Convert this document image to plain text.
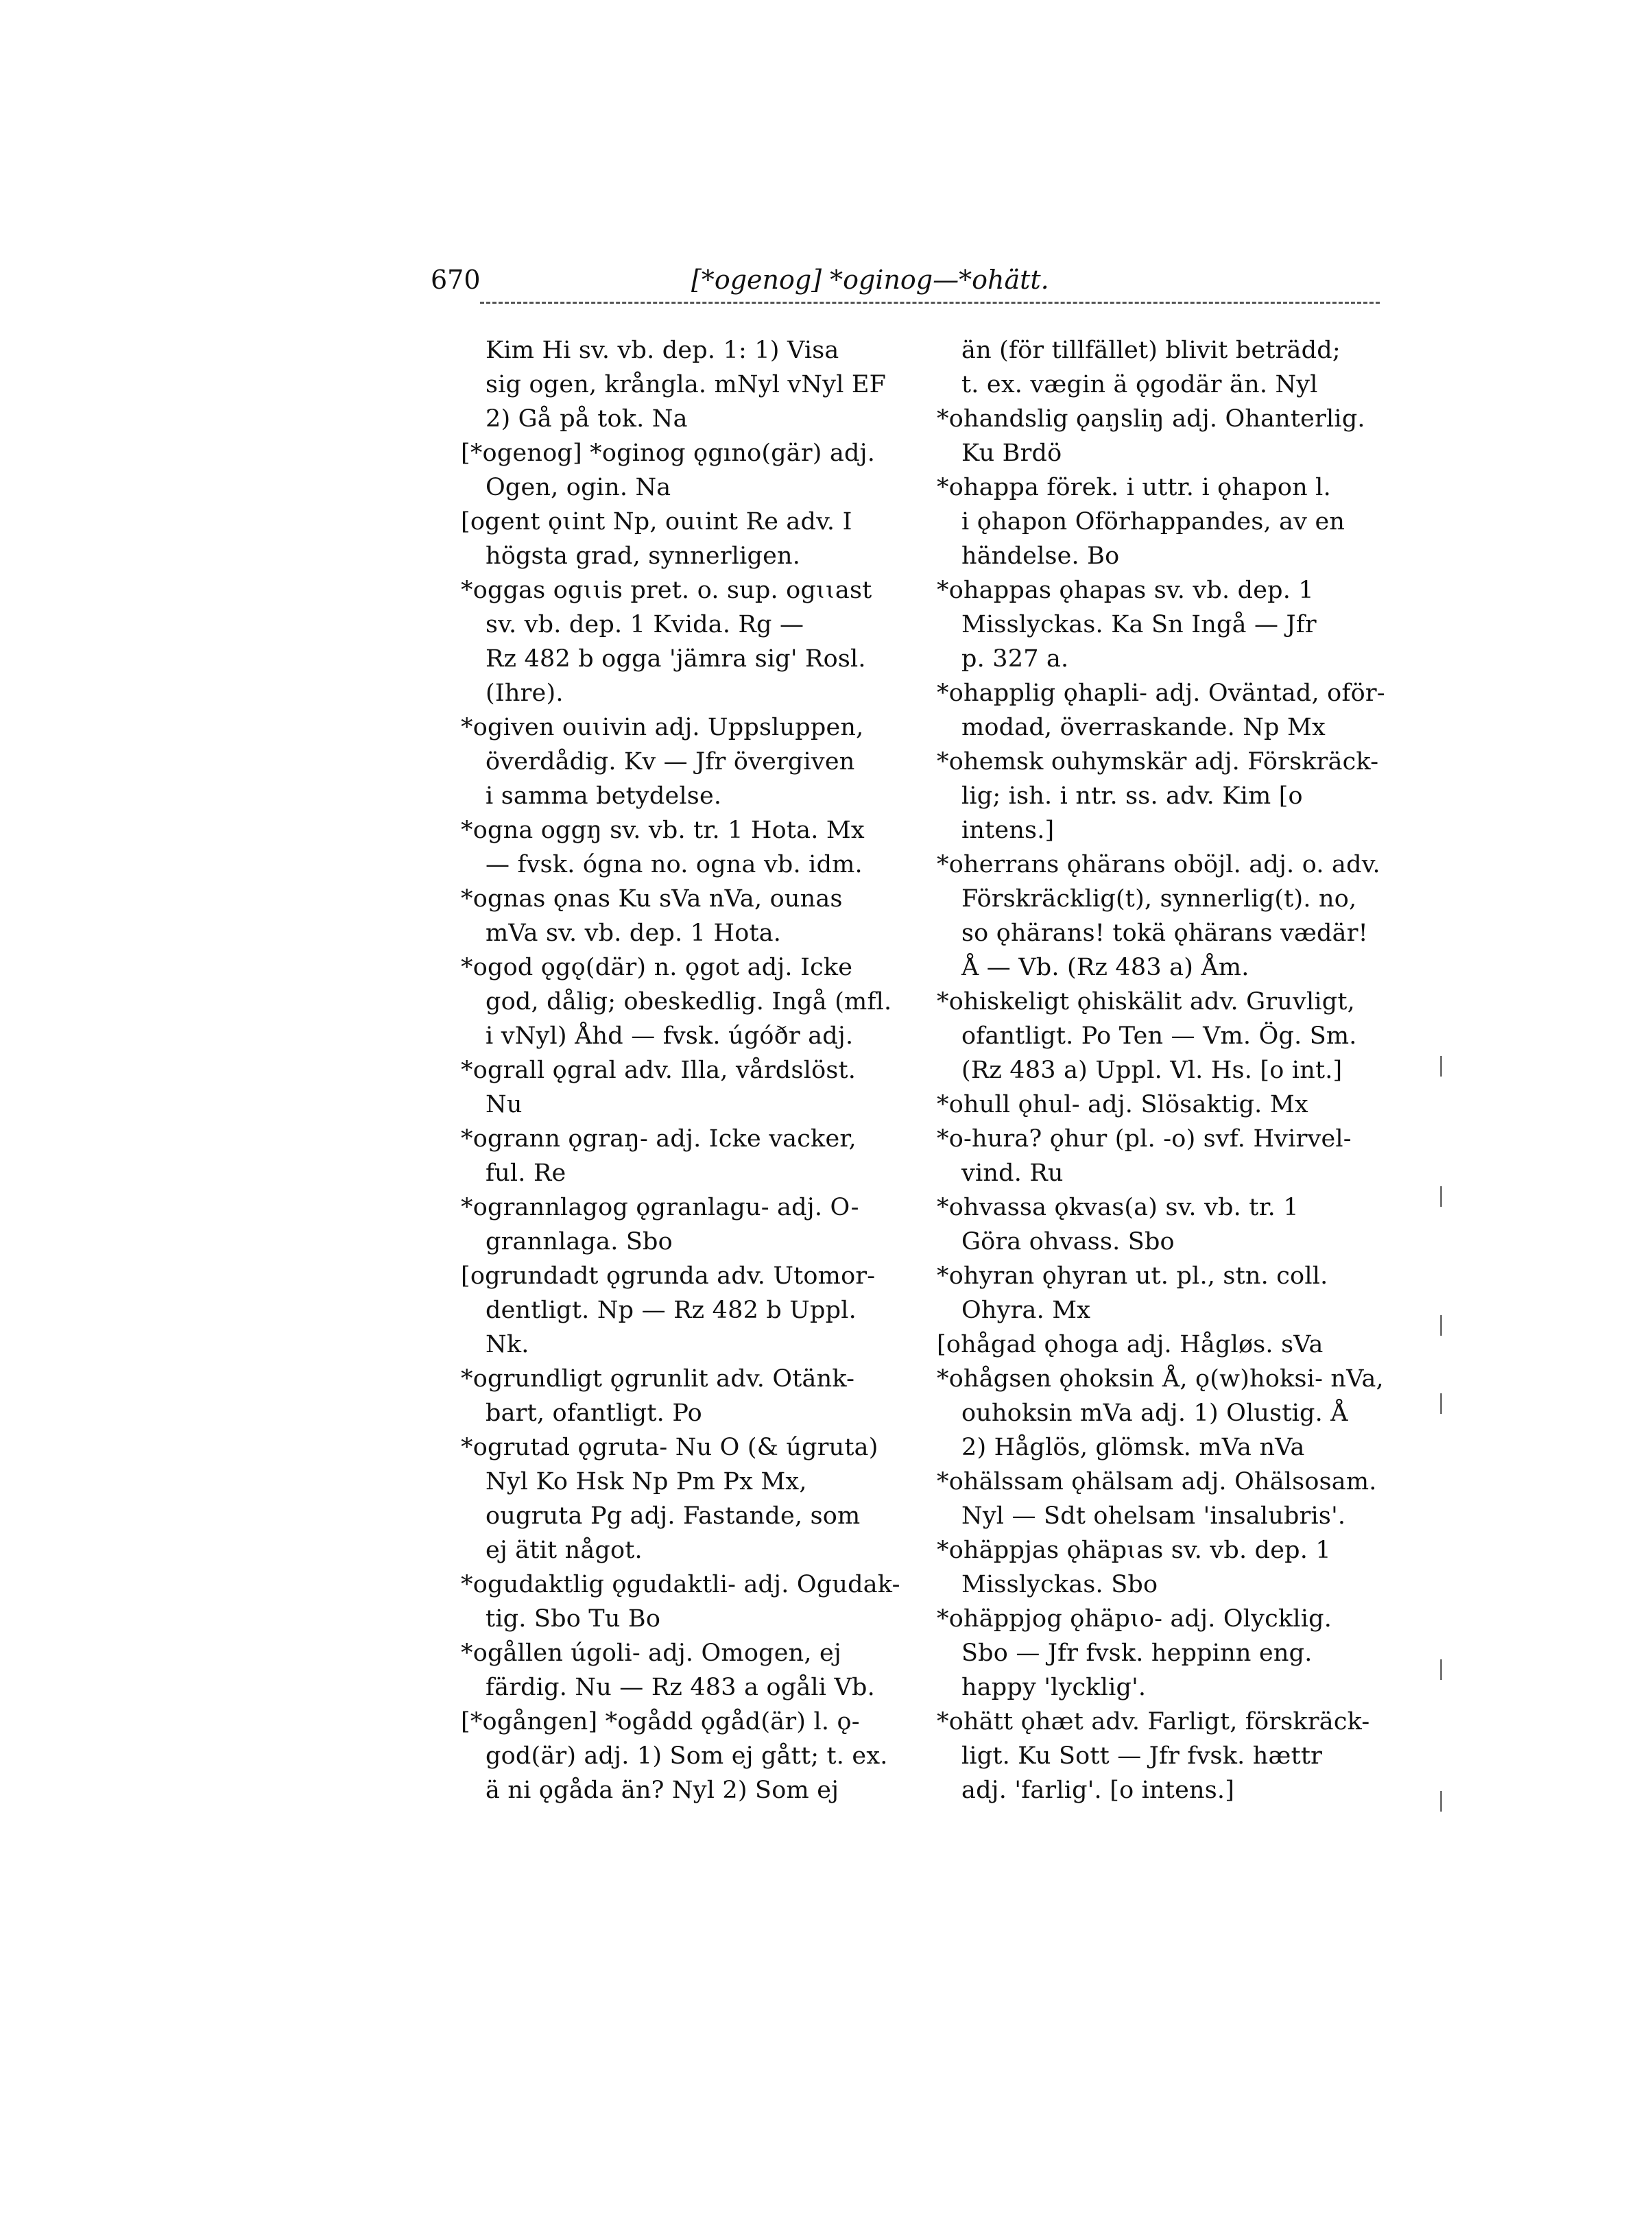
670	[*ogenog] *oginog—*ohätt.
Kim Hi sv. vb. dep. 1: 1) Visa
sig ogen, krångla. mNyl vNyl EF
2) Gå på tok. Na
[*ogenog] *oginog ǫgıno(gär) adj.
Ogen, ogin. Na
[ogent ǫɩint Np, ouɩint Re adv. I
högsta grad, synnerligen.
*oggas ogɩɩis pret. o. sup. ogɩɩast
sv. vb. dep. 1 Kvida. Rg —
Rz 482 b ogga 'jämra sig' Rosl.
(Ihre).
*ogiven ouɩivin adj. Uppsluppen,
överdådig. Kv — Jfr övergiven
i samma betydelse.
*ogna oggŋ sv. vb. tr. 1 Hota. Mx
— fvsk. ógna no. ogna vb. idm.
*ognas ǫnas Ku sVa nVa, ounas
mVa sv. vb. dep. 1 Hota.
*ogod ǫgǫ(där) n. ǫgot adj. Icke
god, dålig; obeskedlig. Ingå (mfl.
i vNyl) Åhd — fvsk. úgóðr adj.
*ograll ǫgral adv. Illa, vårdslöst.
Nu
*ogrann ǫgraŋ- adj. Icke vacker,
ful. Re
*ogrannlagog ǫgranlagu- adj. O-
grannlaga. Sbo
[ogrundadt ǫgrunda adv. Utomor-
dentligt. Np — Rz 482 b Uppl.
Nk.
*ogrundligt ǫgrunlit adv. Otänk-
bart, ofantligt. Po
*ogrutad ǫgruta- Nu O (& úgruta)
Nyl Ko Hsk Np Pm Px Mx,
ougruta Pg adj. Fastande, som
ej ätit något.
*ogudaktlig ǫgudaktli- adj. Ogudak-
tig. Sbo Tu Bo
*ogållen úgoli- adj. Omogen, ej
färdig. Nu — Rz 483 a ogåli Vb.
[*ogången] *ogådd ǫgåd(är) l. ǫ-
god(är) adj. 1) Som ej gått; t. ex.
ä ni ǫgåda än? Nyl 2) Som ej
än (för tillfället) blivit beträdd;
t. ex. vægin ä ǫgodär än. Nyl
*ohandslig ǫaŋsliŋ adj. Ohanterlig.
Ku Brdö
*ohappa förek. i uttr. i ǫhapon l.
i ǫhapon Oförhappandes, av en
händelse. Bo
*ohappas ǫhapas sv. vb. dep. 1
Misslyckas. Ka Sn Ingå — Jfr
p. 327 a.
*ohapplig ǫhapli- adj. Oväntad, oför-
modad, överraskande. Np Mx
*ohemsk ouhymskär adj. Förskräck-
lig; ish. i ntr. ss. adv. Kim [o
intens.]
*oherrans ǫhärans oböjl. adj. o. adv.
Förskräcklig(t), synnerlig(t). no,
so ǫhärans! tokä ǫhärans vædär!
Å — Vb. (Rz 483 a) Åm.
*ohiskeligt ǫhiskälit adv. Gruvligt,
ofantligt. Po Ten — Vm. Ög. Sm.
(Rz 483 a) Uppl. Vl. Hs. [o int.]
*ohull ǫhul- adj. Slösaktig. Mx
*o-hura? ǫhur (pl. -o) svf. Hvirvel-
vind. Ru
*ohvassa ǫkvas(a) sv. vb. tr. 1
Göra ohvass. Sbo
*ohyran ǫhyran ut. pl., stn. coll.
Ohyra. Mx
[ohågad ǫhoga adj. Hågløs. sVa
*ohågsen ǫhoksin Å, ǫ(w)hoksi- nVa,
ouhoksin mVa adj. 1) Olustig. Å
2) Håglös, glömsk. mVa nVa
*ohälssam ǫhälsam adj. Ohälsosam.
Nyl — Sdt ohelsam 'insalubris'.
*ohäppjas ǫhäpɩas sv. vb. dep. 1
Misslyckas. Sbo
*ohäppjog ǫhäpɩo- adj. Olycklig.
Sbo — Jfr fvsk. heppinn eng.
happy 'lycklig'.
*ohätt ǫhæt adv. Farligt, förskräck-
ligt. Ku Sott — Jfr fvsk. hættr
adj. 'farlig'. [o intens.]
